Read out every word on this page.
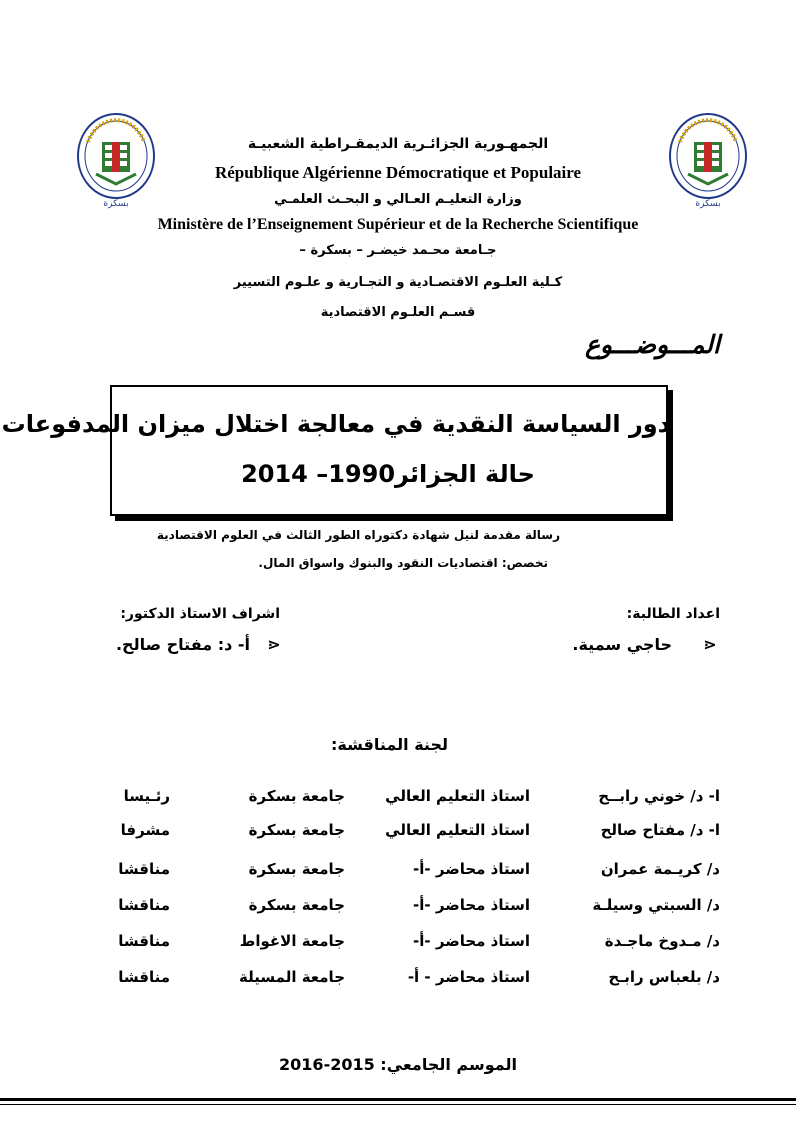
ﺑﺴﻜﺮﺓ	ﺑﺴﻜﺮﺓ
الجمهـورية الجزائـرية الديمقـراطية الشعبيـة
République Algérienne Démocratique et Populaire
وزارة التعليـم العـالي و البحـث العلمـي
Ministère de l’Enseignement Supérieur et de la Recherche Scientifique
جـامعة محـمد خيضـر – بسكرة –
كـلية العلـوم الاقتصـادية و التجـارية و علـوم التسيير
قسـم العلـوم الاقتصادية
المـــوضـــوع
دور السياسة النقدية في معالجة اختلال ميزان المدفوعات
حالة الجزائر1990– 2014
رسالة مقدمة لنيل شهادة دكتوراه الطور الثالث في العلوم الاقتصادية
تخصص: اقتصاديات النقود والبنوك واسواق المال.
اعداد الطالبة:
اشراف الاستاذ الدكتور:
⋗
حاجي سمية.
⋗
أ- د: مفتاح صالح.
لجنة المناقشة:
ا- د/ خوني رابــح
استاذ التعليم العالي
جامعة بسكرة
رئـيسا
ا- د/ مفتاح صالح
استاذ التعليم العالي
جامعة بسكرة
مشرفا
د/ كريـمة عمران
استاذ محاضر -أ-
جامعة بسكرة
مناقشا
د/ السبتي وسيلـة
استاذ محاضر -أ-
جامعة بسكرة
مناقشا
د/ مـدوخ ماجـدة
استاذ محاضر -أ-
جامعة الاغواط
مناقشا
د/ بلعباس رابـح
استاذ محاضر - أ-
جامعة المسيلة
مناقشا
الموسم الجامعي: 2015-2016
